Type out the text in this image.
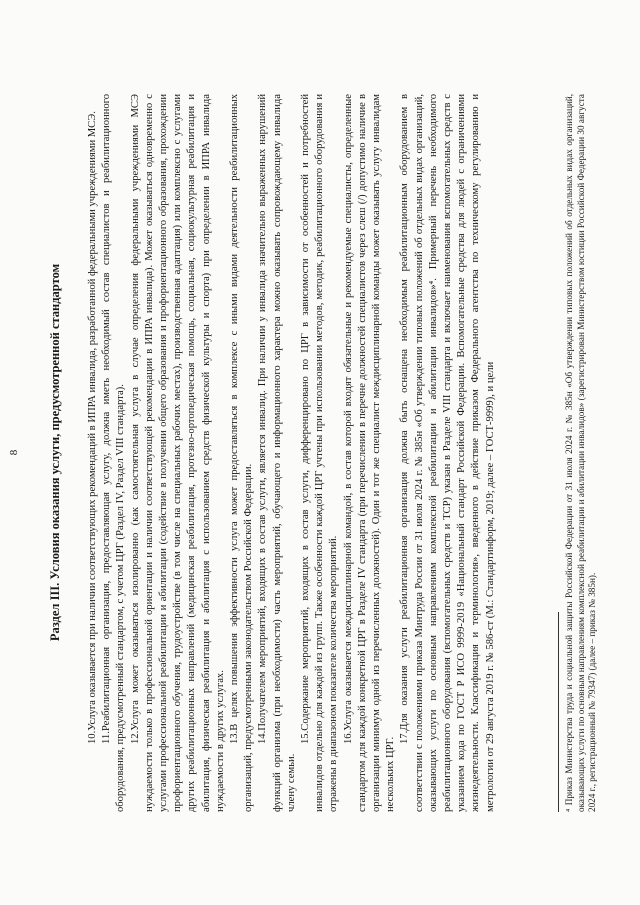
8 Раздел III. Условия оказания услуги, предусмотренной стандартом

10.Услуга оказывается при наличии соответствующих рекомендаций в ИПРА инвалида, разработанной федеральными учреждениями МСЭ.

11.Реабилитационная организация, предоставляющая услугу, должна иметь необходимый состав специалистов и реабилитационного оборудования, предусмотренный стандартом, с учетом ЦРГ (Раздел IV, Раздел VIII стандарта). 12.Услуга может оказываться изолированно (как самостоятельная услуга в случае определения федеральными учреждениями МСЭ нуждаемости только в профессиональной ориентации и наличии соответствующей рекомендации в ИПРА инвалида). Может оказываться одновременно с услугами профессиональной реабилитации и абилитации (содействие в получении общего образования и профориентационного образования, прохождении профориентационного обучения, трудоустройстве (в том числе на специальных рабочих местах), производственная адаптация) или комплексно с услугами других реабилитационных направлений (медицинская реабилитация, протезно-ортопедическая помощь, социальная, социокультурная реабилитация и абилитация, физическая реабилитация и абилитация с использованием средств физической культуры и спорта) при определении в ИПРА инвалида нуждаемости в других услугах. 13.В целях повышения эффективности услуга может предоставляться в комплексе с иными видами деятельности реабилитационных организаций, предусмотренными законодательством Российской Федерации. 14.Получателем мероприятий, входящих в состав услуги, является инвалид. При наличии у инвалида значительно выраженных нарушений функций организма (при необходимости) часть мероприятий, обучающего и информационного характера можно оказывать сопровождающему инвалида члену семьи.

15.Содержание мероприятий, входящих в состав услуги, дифференцировано по ЦРГ в зависимости от особенностей и потребностей инвалидов отдельно для каждой из групп. Также особенности каждой ЦРГ учтены при использовании методов, методик, реабилитационного оборудования и отражены в диапазоном показателе количества мероприятий. 16.Услуга оказывается междисциплинарной командой, в состав которой входят обязательные и рекомендуемые специалисты, определенные стандартом для каждой конкретной ЦРГ в Разделе IV стандарта (при перечислении в перечне должностей специалистов через слеш (/) допустимо наличие в организации минимум одной из перечисленных должностей). Один и тот же специалист междисциплинарной команды может оказывать услугу инвалидам нескольких ЦРГ. 17.Для оказания услуги реабилитационная организация должна быть оснащена необходимым реабилитационным оборудованием в соответствии с положениями приказа Минтруда России от 31 июля 2024 г. № 385н «Об утверждении типовых положений об отдельных видах организаций, оказывающих услуги по основным направлениям комплексной реабилитации и абилитации инвалидов»⁴. Примерный перечень необходимого реабилитационного оборудования (вспомогательных средств и ТСР) указан в Разделе VIII стандарта и включает наименования вспомогательных средств с указанием кода по ГОСТ Р ИСО 9999-2019 «Национальный стандарт Российской Федерации. Вспомогательные средства для людей с ограничениями жизнедеятельности. Классификация и терминология», введенного в действие приказом Федерального агентства по техническому регулированию и метрологии от 29 августа 2019 г. № 586-ст (М.: Стандартинформ, 2019; далее – ГОСТ-9999), и цели	⁴ Приказ Министерства труда и социальной защиты Российской Федерации от 31 июля 2024 г. № 385н «Об утверждении типовых положений об отдельных видах организаций, оказывающих услуги по основным направлениям комплексной реабилитации и абилитации инвалидов» (зарегистрирован Министерством юстиции Российской Федерации 30 августа 2024 г., регистрационный № 79347) (далее – приказ № 385н).
